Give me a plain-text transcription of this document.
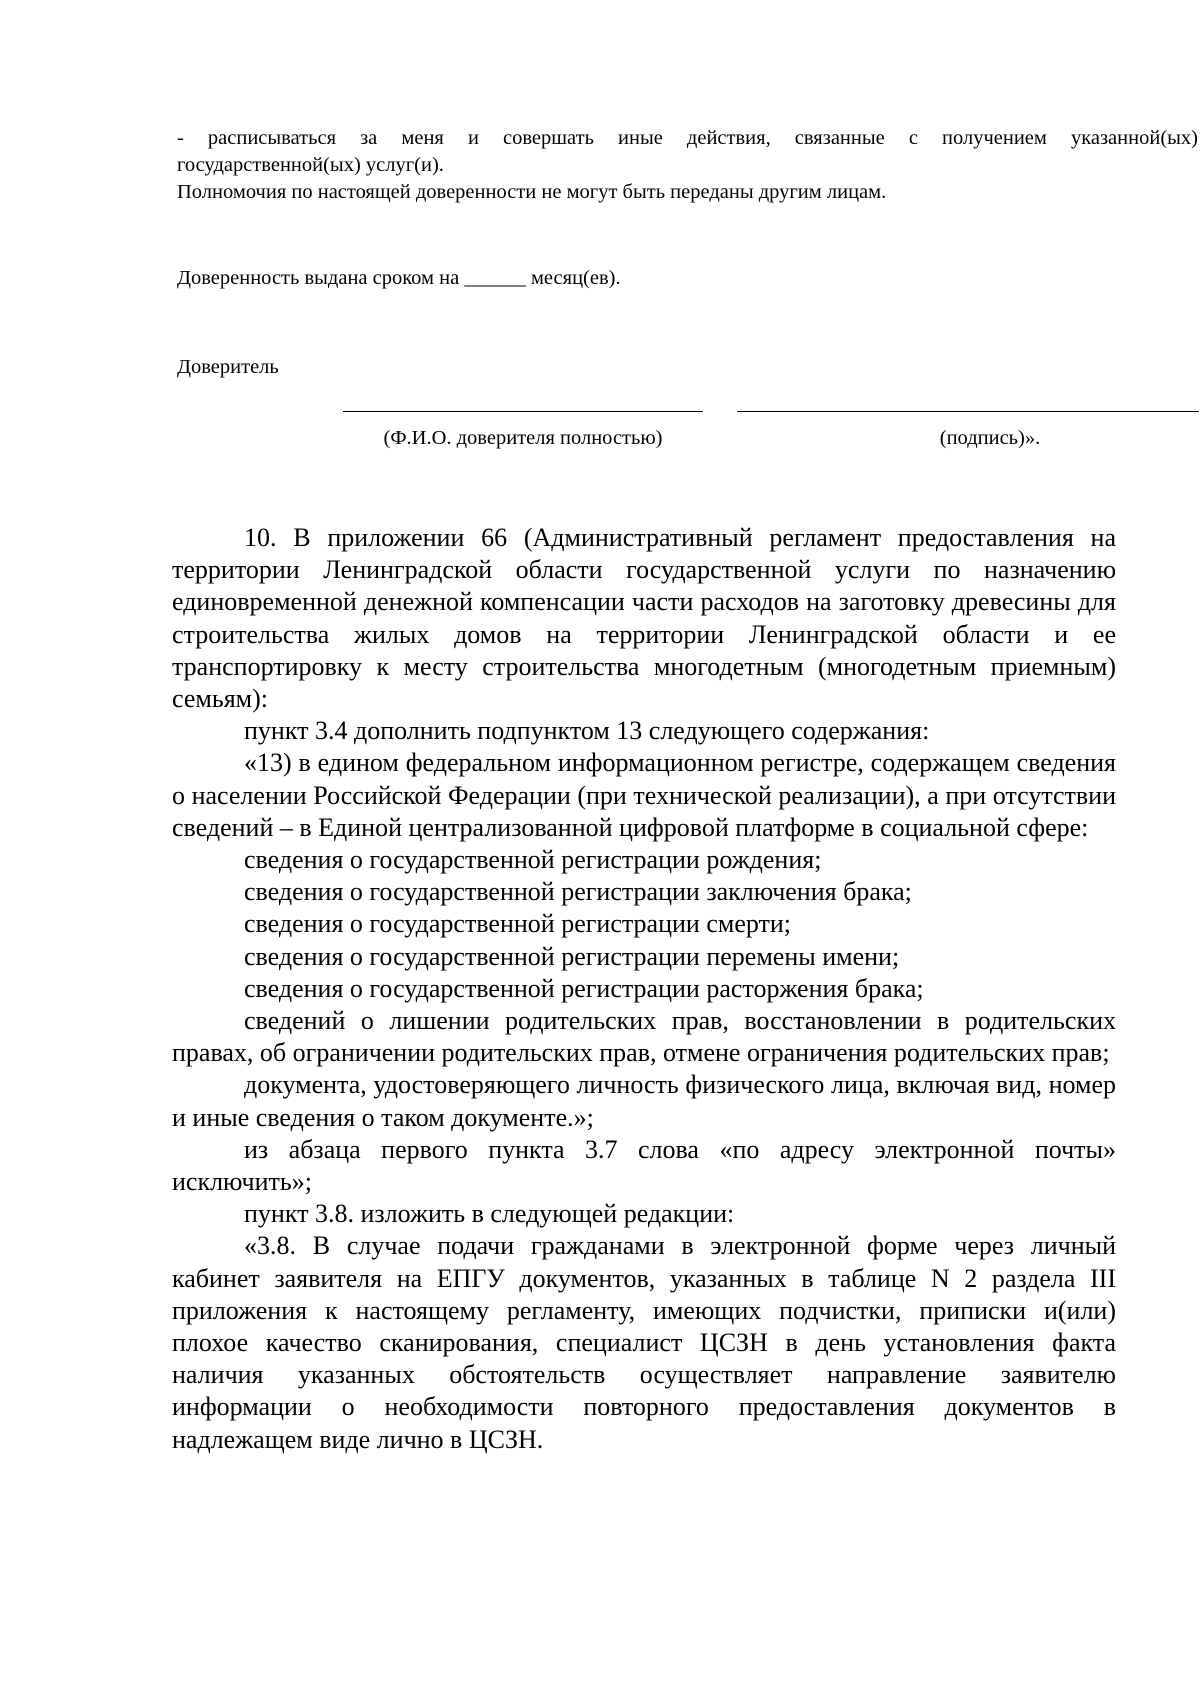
- расписываться за меня и совершать иные действия, связанные с получением указанной(ых)
государственной(ых) услуг(и).

Полномочия по настоящей доверенности не могут быть переданы другим лицам.

Доверенность выдана сроком на ______ месяц(ев).

Доверитель

(Ф.И.О. доверителя полностью)	(подпись)».

10. В приложении 66 (Административный регламент предоставления на территории Ленинградской области государственной услуги по назначению единовременной денежной компенсации части расходов на заготовку древесины для строительства жилых домов на территории Ленинградской области и ее транспортировку к месту строительства многодетным (многодетным приемным) семьям):

пункт 3.4 дополнить подпунктом 13 следующего содержания:

«13) в едином федеральном информационном регистре, содержащем сведения о населении Российской Федерации (при технической реализации), а при отсутствии сведений – в Единой централизованной цифровой платформе в социальной сфере:

сведения о государственной регистрации рождения;

сведения о государственной регистрации заключения брака;

сведения о государственной регистрации смерти;

сведения о государственной регистрации перемены имени;

сведения о государственной регистрации расторжения брака;

сведений о лишении родительских прав, восстановлении в родительских правах, об ограничении родительских прав, отмене ограничения родительских прав;

документа, удостоверяющего личность физического лица, включая вид, номер и иные сведения о таком документе.»;

из абзаца первого пункта 3.7 слова «по адресу электронной почты» исключить»;

пункт 3.8. изложить в следующей редакции:

«3.8. В случае подачи гражданами в электронной форме через личный кабинет заявителя на ЕПГУ документов, указанных в таблице N 2 раздела III приложения к настоящему регламенту, имеющих подчистки, приписки и(или) плохое качество сканирования, специалист ЦСЗН в день установления факта наличия указанных обстоятельств осуществляет направление заявителю информации о необходимости повторного предоставления документов в надлежащем виде лично в ЦСЗН.
